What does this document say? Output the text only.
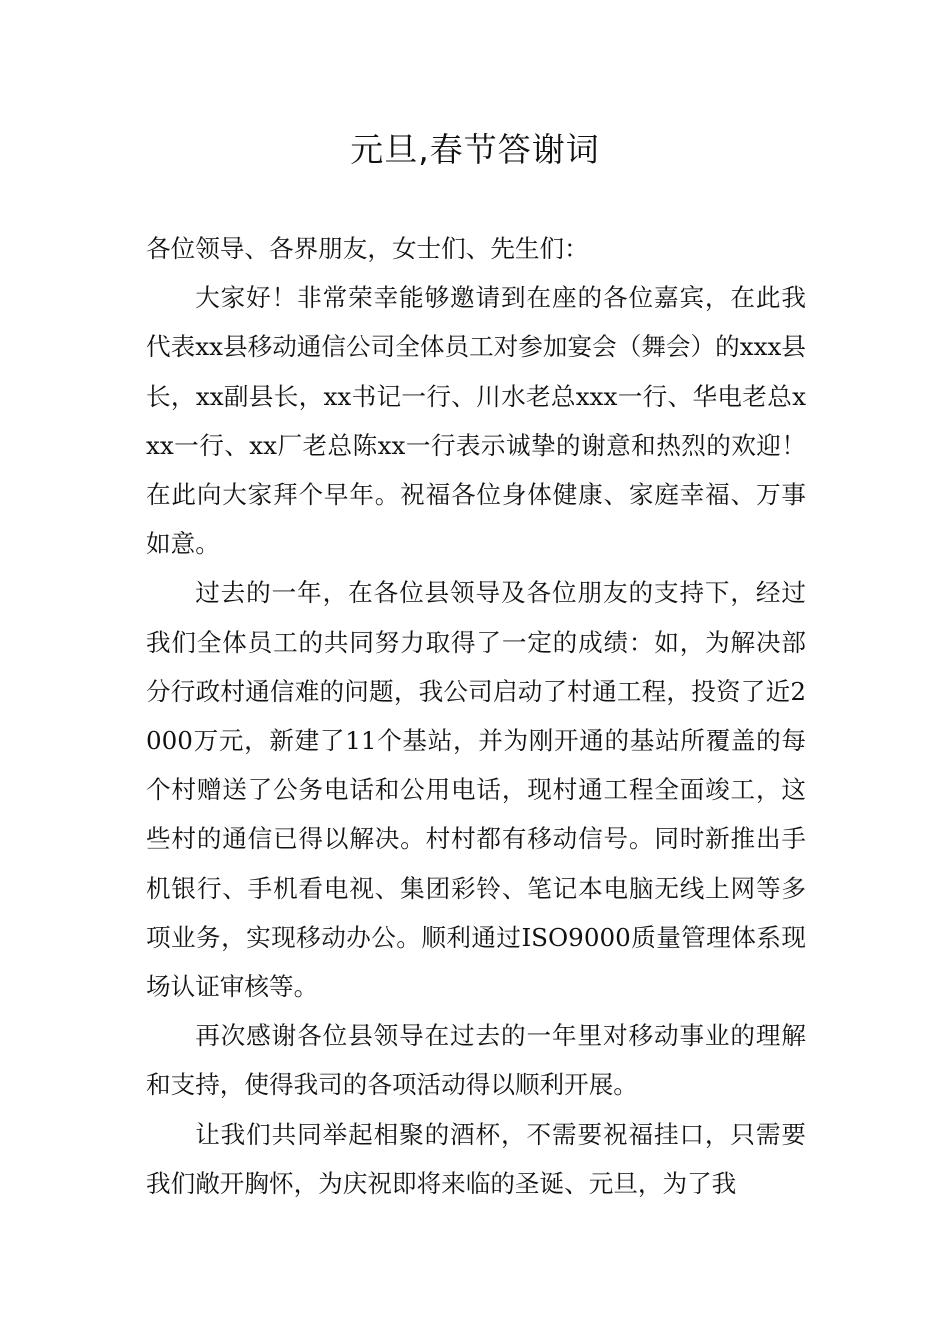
元旦,春节答谢词

各位领导、各界朋友，女士们、先生们：

大家好！非常荣幸能够邀请到在座的各位嘉宾，在此我代表xx县移动通信公司全体员工对参加宴会（舞会）的xxx县长，xx副县长，xx书记一行、川水老总xxx一行、华电老总xxx一行、xx厂老总陈xx一行表示诚挚的谢意和热烈的欢迎！在此向大家拜个早年。祝福各位身体健康、家庭幸福、万事如意。

过去的一年，在各位县领导及各位朋友的支持下，经过我们全体员工的共同努力取得了一定的成绩：如，为解决部分行政村通信难的问题，我公司启动了村通工程，投资了近2000万元，新建了11个基站，并为刚开通的基站所覆盖的每个村赠送了公务电话和公用电话，现村通工程全面竣工，这些村的通信已得以解决。村村都有移动信号。同时新推出手机银行、手机看电视、集团彩铃、笔记本电脑无线上网等多项业务，实现移动办公。顺利通过ISO9000质量管理体系现场认证审核等。

再次感谢各位县领导在过去的一年里对移动事业的理解和支持，使得我司的各项活动得以顺利开展。

让我们共同举起相聚的酒杯，不需要祝福挂口，只需要我们敞开胸怀，为庆祝即将来临的圣诞、元旦，为了我
